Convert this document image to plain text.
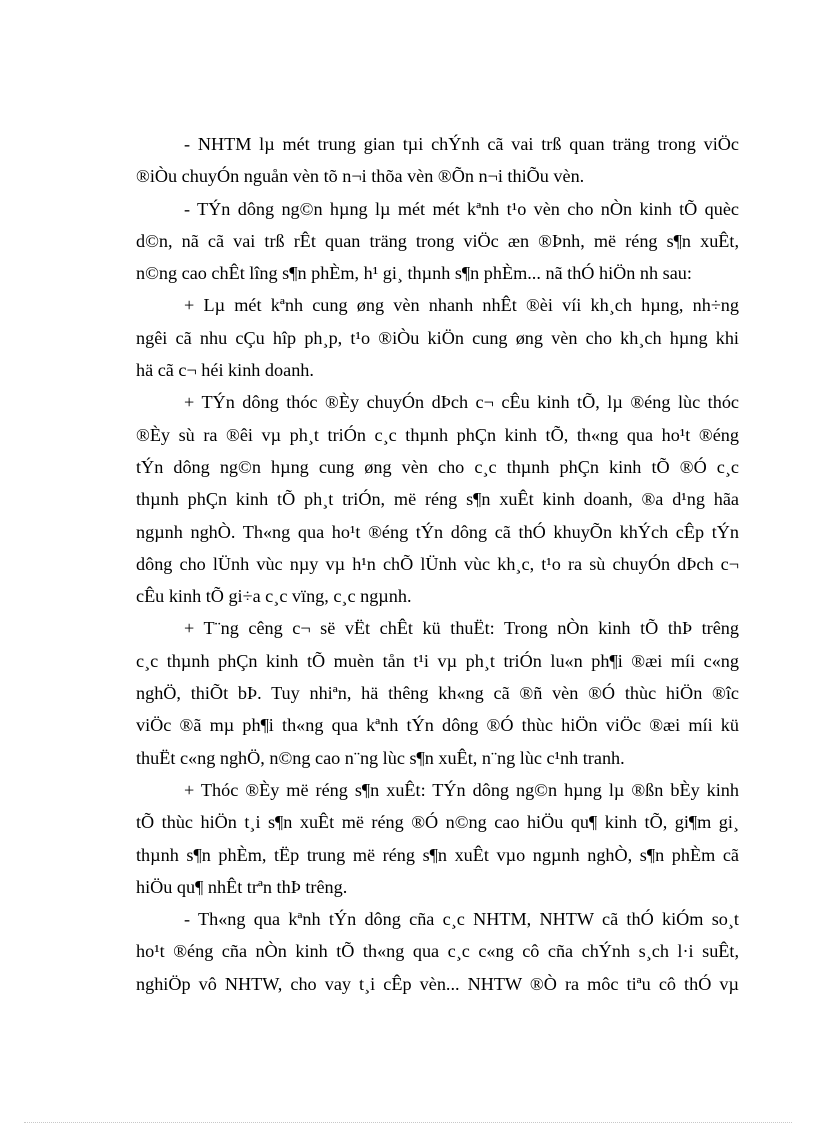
- NHTM lµ mét trung gian tµi chÝnh cã vai trß quan träng trong viÖc
®iÒu chuyÓn nguån vèn tõ n¬i thõa vèn ®Õn n¬i thiÕu vèn.
- TÝn dông ng©n hµng lµ mét mét kªnh t¹o vèn cho nÒn kinh tÕ quèc
d©n, nã cã vai trß rÊt quan träng trong viÖc æn ®Þnh, më réng s¶n xuÊt,
n©ng cao chÊt lîng s¶n phÈm, h¹ gi¸ thµnh s¶n phÈm... nã thÓ hiÖn nh sau:
+ Lµ mét kªnh cung øng vèn nhanh nhÊt ®èi víi kh¸ch hµng, nh÷ng
ngêi cã nhu cÇu hîp ph¸p, t¹o ®iÒu kiÖn cung øng vèn cho kh¸ch hµng khi
hä cã c¬ héi kinh doanh.
+ TÝn dông thóc ®Èy chuyÓn dÞch c¬ cÊu kinh tÕ, lµ ®éng lùc thóc
®Èy sù ra ®êi vµ ph¸t triÓn c¸c thµnh phÇn kinh tÕ, th«ng qua ho¹t ®éng
tÝn dông ng©n hµng cung øng vèn cho c¸c thµnh phÇn kinh tÕ ®Ó c¸c
thµnh phÇn kinh tÕ ph¸t triÓn, më réng s¶n xuÊt kinh doanh, ®a d¹ng hãa
ngµnh nghÒ. Th«ng qua ho¹t ®éng tÝn dông cã thÓ khuyÕn khÝch cÊp tÝn
dông cho lÜnh vùc nµy vµ h¹n chÕ lÜnh vùc kh¸c, t¹o ra sù chuyÓn dÞch c¬
cÊu kinh tÕ gi÷a c¸c vïng, c¸c ngµnh.
+ T¨ng cêng c¬ së vËt chÊt kü thuËt: Trong nÒn kinh tÕ thÞ trêng
c¸c thµnh phÇn kinh tÕ muèn tån t¹i vµ ph¸t triÓn lu«n ph¶i ®æi míi c«ng
nghÖ, thiÕt bÞ. Tuy nhiªn, hä thêng kh«ng cã ®ñ vèn ®Ó thùc hiÖn ®îc
viÖc ®ã mµ ph¶i th«ng qua kªnh tÝn dông ®Ó thùc hiÖn viÖc ®æi míi kü
thuËt c«ng nghÖ, n©ng cao n¨ng lùc s¶n xuÊt, n¨ng lùc c¹nh tranh.
+ Thóc ®Èy më réng s¶n xuÊt: TÝn dông ng©n hµng lµ ®ßn bÈy kinh
tÕ thùc hiÖn t¸i s¶n xuÊt më réng ®Ó n©ng cao hiÖu qu¶ kinh tÕ, gi¶m gi¸
thµnh s¶n phÈm, tËp trung më réng s¶n xuÊt vµo ngµnh nghÒ, s¶n phÈm cã
hiÖu qu¶ nhÊt trªn thÞ trêng.
- Th«ng qua kªnh tÝn dông cña c¸c NHTM, NHTW cã thÓ kiÓm so¸t
ho¹t ®éng cña nÒn kinh tÕ th«ng qua c¸c c«ng cô cña chÝnh s¸ch l·i suÊt,
nghiÖp vô NHTW, cho vay t¸i cÊp vèn... NHTW ®Ò ra môc tiªu cô thÓ vµ
